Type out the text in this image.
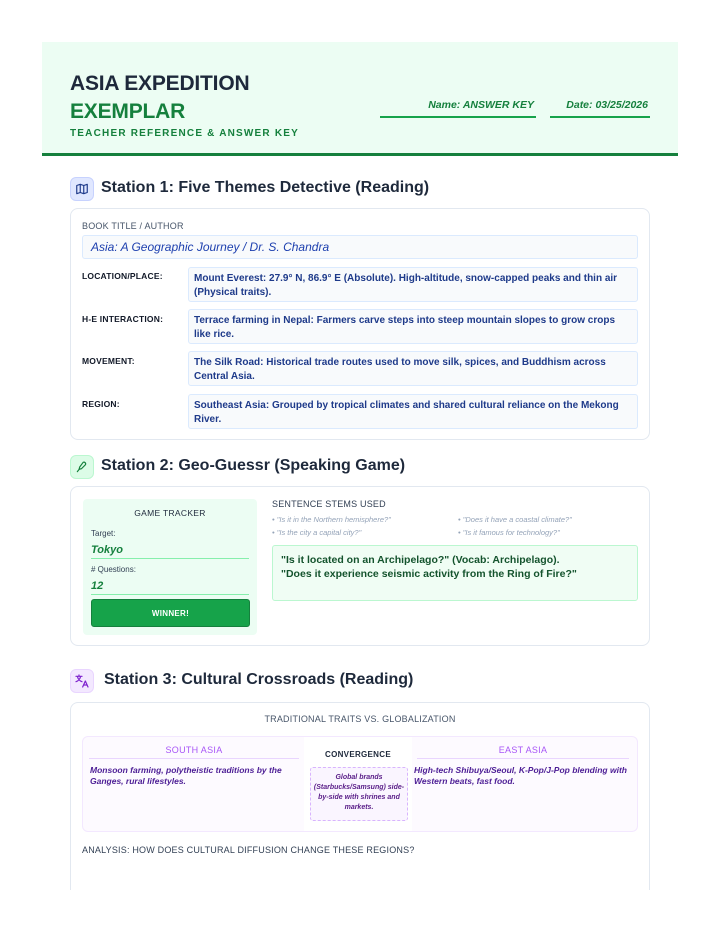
ASIA EXPEDITION
EXEMPLAR
TEACHER REFERENCE & ANSWER KEY
Name: ANSWER KEY	Date: 03/25/2026
Station 1: Five Themes Detective (Reading)
BOOK TITLE / AUTHOR
Asia: A Geographic Journey / Dr. S. Chandra
LOCATION/PLACE:	Mount Everest: 27.9° N, 86.9° E (Absolute). High-altitude, snow-capped peaks and thin air (Physical traits).
H-E INTERACTION:	Terrace farming in Nepal: Farmers carve steps into steep mountain slopes to grow crops like rice.
MOVEMENT:	The Silk Road: Historical trade routes used to move silk, spices, and Buddhism across Central Asia.
REGION:	Southeast Asia: Grouped by tropical climates and shared cultural reliance on the Mekong River.
Station 2: Geo-Guessr (Speaking Game)
GAME TRACKER
Target:
Tokyo
# Questions:
12
WINNER!
SENTENCE STEMS USED
• "Is it in the Northern hemisphere?"	• "Does it have a coastal climate?"
• "Is the city a capital city?"	• "Is it famous for technology?"
"Is it located on an Archipelago?" (Vocab: Archipelago).
"Does it experience seismic activity from the Ring of Fire?"
Station 3: Cultural Crossroads (Reading)
TRADITIONAL TRAITS VS. GLOBALIZATION
SOUTH ASIA
Monsoon farming, polytheistic traditions by the Ganges, rural lifestyles.
CONVERGENCE
Global brands (Starbucks/Samsung) side-by-side with shrines and markets.
EAST ASIA
High-tech Shibuya/Seoul, K-Pop/J-Pop blending with Western beats, fast food.
ANALYSIS: HOW DOES CULTURAL DIFFUSION CHANGE THESE REGIONS?
